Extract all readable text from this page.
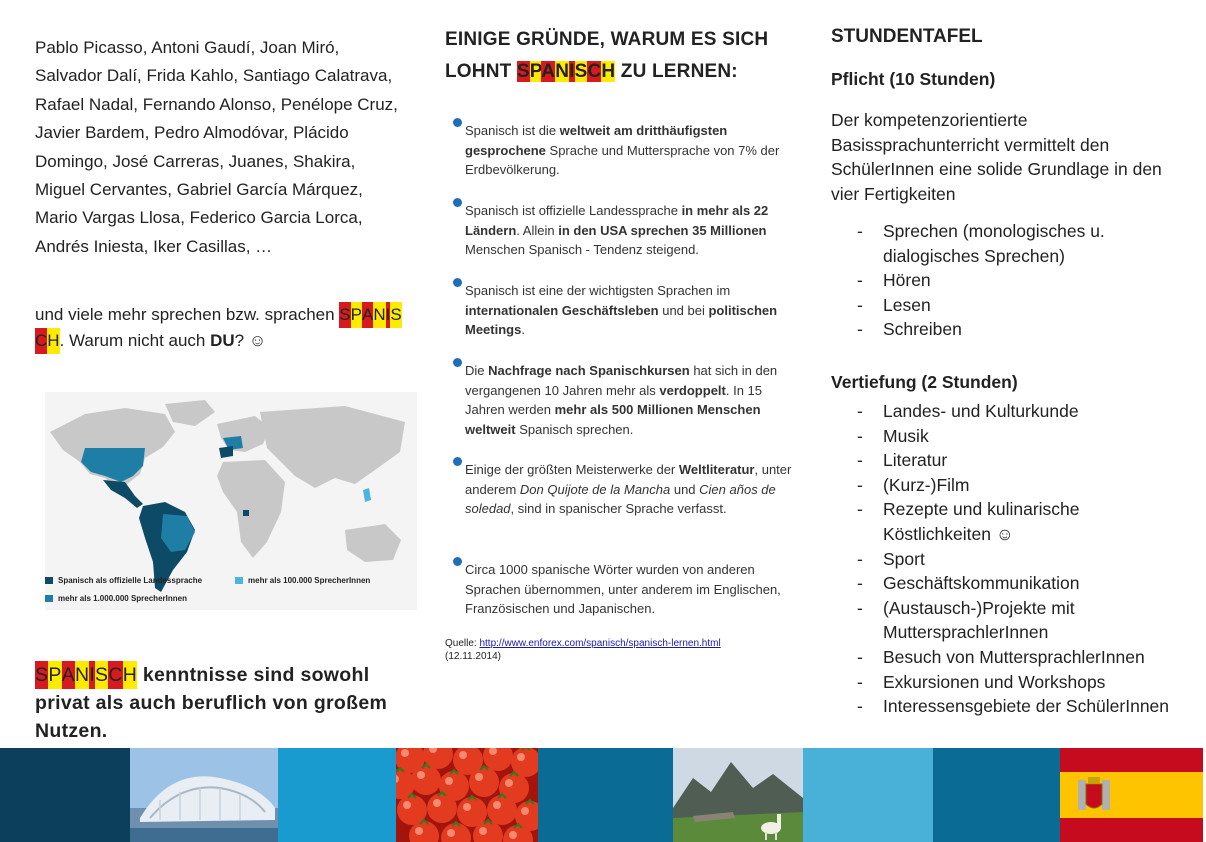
Pablo Picasso, Antoni Gaudí, Joan Miró, Salvador Dalí, Frida Kahlo, Santiago Calatrava, Rafael Nadal, Fernando Alonso, Penélope Cruz, Javier Bardem, Pedro Almodóvar, Plácido Domingo, José Carreras, Juanes, Shakira, Miguel Cervantes, Gabriel García Márquez, Mario Vargas Llosa, Federico Garcia Lorca, Andrés Iniesta, Iker Casillas, …

und viele mehr sprechen bzw. sprachen SPANISCH. Warum nicht auch DU? ☺

Spanisch als offizielle Landessprache
mehr als 1.000.000 SprecherInnen
mehr als 100.000 SprecherInnen
SPANISCH kenntnisse sind sowohl privat als auch beruflich von großem Nutzen.
EINIGE GRÜNDE, WARUM ES SICH
LOHNT SPANISCH ZU LERNEN:
Spanisch ist die weltweit am dritthäufigsten gesprochene Sprache und Muttersprache von 7% der Erdbevölkerung.
Spanisch ist offizielle Landessprache in mehr als 22 Ländern. Allein in den USA sprechen 35 Millionen Menschen Spanisch - Tendenz steigend.
Spanisch ist eine der wichtigsten Sprachen im internationalen Geschäftsleben und bei politischen Meetings.
Die Nachfrage nach Spanischkursen hat sich in den vergangenen 10 Jahren mehr als verdoppelt. In 15 Jahren werden mehr als 500 Millionen Menschen weltweit Spanisch sprechen.
Einige der größten Meisterwerke der Weltliteratur, unter anderem Don Quijote de la Mancha und Cien años de soledad, sind in spanischer Sprache verfasst.
Circa 1000 spanische Wörter wurden von anderen Sprachen übernommen, unter anderem im Englischen, Französischen und Japanischen.
Quelle: http://www.enforex.com/spanisch/spanisch-lernen.html
(12.11.2014)
STUNDENTAFEL
Pflicht (10 Stunden)
Der kompetenzorientierte Basissprachunterricht vermittelt den SchülerInnen eine solide Grundlage in den vier Fertigkeiten
- Sprechen (monologisches u. dialogisches Sprechen)
- Hören
- Lesen
- Schreiben
Vertiefung (2 Stunden)
- Landes- und Kulturkunde
- Musik
- Literatur
- (Kurz-)Film
- Rezepte und kulinarische Köstlichkeiten ☺
- Sport
- Geschäftskommunikation
- (Austausch-)Projekte mit MuttersprachlerInnen
- Besuch von MuttersprachlerInnen
- Exkursionen und Workshops
- Interessensgebiete der SchülerInnen
